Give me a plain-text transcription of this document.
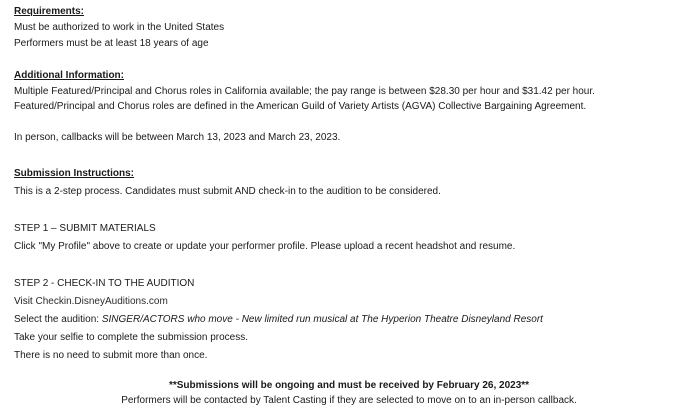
Requirements:
Must be authorized to work in the United States
Performers must be at least 18 years of age
Additional Information:
Multiple Featured/Principal and Chorus roles in California available; the pay range is between $28.30 per hour and $31.42 per hour.
Featured/Principal and Chorus roles are defined in the American Guild of Variety Artists (AGVA) Collective Bargaining Agreement.
In person, callbacks will be between March 13, 2023 and March 23, 2023.
Submission Instructions:
This is a 2-step process. Candidates must submit AND check-in to the audition to be considered.
STEP 1 – SUBMIT MATERIALS
Click "My Profile" above to create or update your performer profile. Please upload a recent headshot and resume.
STEP 2 - CHECK-IN TO THE AUDITION
Visit Checkin.DisneyAuditions.com
Select the audition: SINGER/ACTORS who move - New limited run musical at The Hyperion Theatre Disneyland Resort
Take your selfie to complete the submission process.
There is no need to submit more than once.
**Submissions will be ongoing and must be received by February 26, 2023**
Performers will be contacted by Talent Casting if they are selected to move on to an in-person callback.
